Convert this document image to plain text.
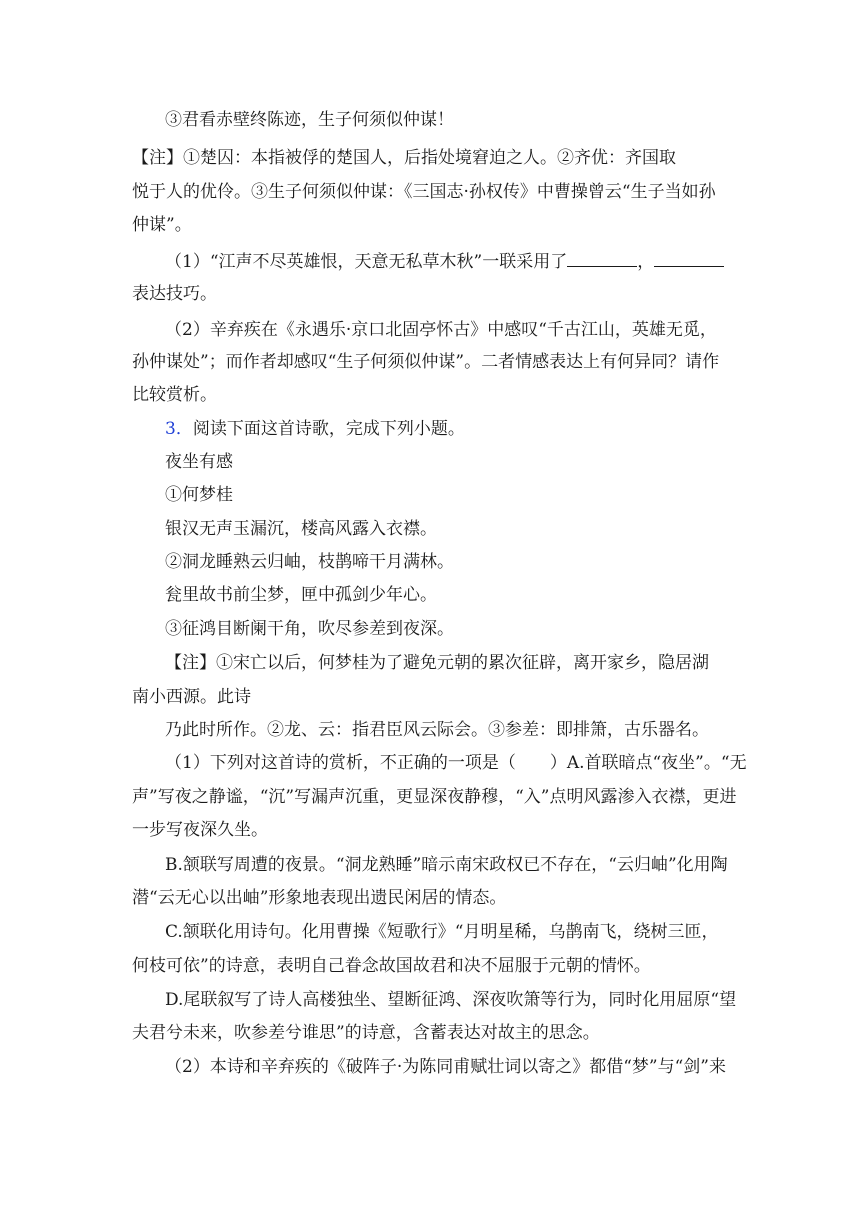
③君看赤壁终陈迹，生子何须似仲谋！
【注】①楚囚：本指被俘的楚国人，后指处境窘迫之人。②齐优：齐国取
悦于人的优伶。③生子何须似仲谋：《三国志·孙权传》中曹操曾云“生子当如孙
仲谋”。
（1）“江声不尽英雄恨，天意无私草木秋”一联采用了	，
表达技巧。
（2）辛弃疾在《永遇乐·京口北固亭怀古》中感叹“千古江山，英雄无觅，
孙仲谋处”；而作者却感叹“生子何须似仲谋”。二者情感表达上有何异同？请作
比较赏析。
3．阅读下面这首诗歌，完成下列小题。
夜坐有感
①何梦桂
银汉无声玉漏沉，楼高风露入衣襟。
②洞龙睡熟云归岫，枝鹊啼干月满林。
瓮里故书前尘梦，匣中孤剑少年心。
③征鸿目断阑干角，吹尽参差到夜深。
【注】①宋亡以后，何梦桂为了避免元朝的累次征辟，离开家乡，隐居湖
南小西源。此诗
乃此时所作。②龙、云：指君臣风云际会。③参差：即排箫，古乐器名。
（1）下列对这首诗的赏析，不正确的一项是（　　）A.首联暗点“夜坐”。“无
声”写夜之静谧，“沉”写漏声沉重，更显深夜静穆，“入”点明风露渗入衣襟，更进
一步写夜深久坐。
B.颔联写周遭的夜景。“洞龙熟睡”暗示南宋政权已不存在，“云归岫”化用陶
潜“云无心以出岫”形象地表现出遗民闲居的情态。
C.颔联化用诗句。化用曹操《短歌行》“月明星稀，乌鹊南飞，绕树三匝，
何枝可依”的诗意，表明自己眷念故国故君和决不屈服于元朝的情怀。
D.尾联叙写了诗人高楼独坐、望断征鸿、深夜吹箫等行为，同时化用屈原“望
夫君兮未来，吹参差兮谁思”的诗意，含蓄表达对故主的思念。
（2）本诗和辛弃疾的《破阵子·为陈同甫赋壮词以寄之》都借“梦”与“剑”来
